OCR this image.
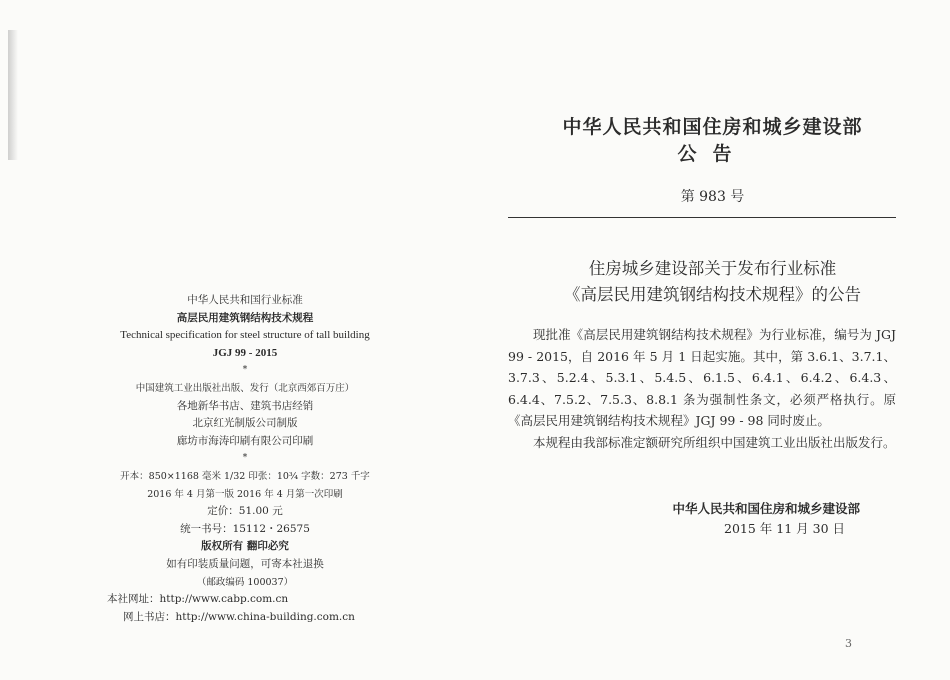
中华人民共和国行业标准
高层民用建筑钢结构技术规程
Technical specification for steel structure of tall building
JGJ 99 - 2015
*
中国建筑工业出版社出版、发行（北京西郊百万庄）
各地新华书店、建筑书店经销
北京红光制版公司制版
廊坊市海涛印刷有限公司印刷
*
开本：850×1168 毫米 1/32 印张：10¾ 字数：273 千字
2016 年 4 月第一版 2016 年 4 月第一次印刷
定价：51.00 元
统一书号：15112・26575
版权所有 翻印必究
如有印装质量问题，可寄本社退换
（邮政编码 100037）
本社网址：http://www.cabp.com.cn
网上书店：http://www.china-building.com.cn
中华人民共和国住房和城乡建设部
公告
第 983 号
住房城乡建设部关于发布行业标准
《高层民用建筑钢结构技术规程》的公告

现批准《高层民用建筑钢结构技术规程》为行业标准，编号为 JGJ 99 - 2015，自 2016 年 5 月 1 日起实施。其中，第 3.6.1、3.7.1、3.7.3、5.2.4、5.3.1、5.4.5、6.1.5、6.4.1、6.4.2、6.4.3、6.4.4、7.5.2、7.5.3、8.8.1 条为强制性条文，必须严格执行。原《高层民用建筑钢结构技术规程》JGJ 99 - 98 同时废止。

本规程由我部标准定额研究所组织中国建筑工业出版社出版发行。

中华人民共和国住房和城乡建设部
2015 年 11 月 30 日
3
